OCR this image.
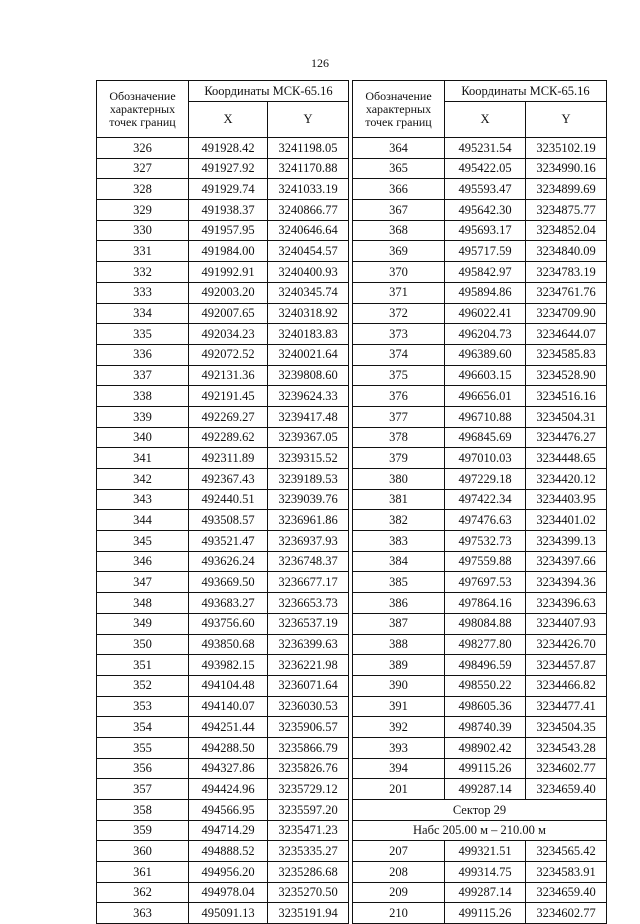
126
Обозначение
характерных
точек границ	Координаты МСК-65.16	
	X	Y
326	491928.42	3241198.05
327	491927.92	3241170.88
328	491929.74	3241033.19
329	491938.37	3240866.77
330	491957.95	3240646.64
331	491984.00	3240454.57
332	491992.91	3240400.93
333	492003.20	3240345.74
334	492007.65	3240318.92
335	492034.23	3240183.83
336	492072.52	3240021.64
337	492131.36	3239808.60
338	492191.45	3239624.33
339	492269.27	3239417.48
340	492289.62	3239367.05
341	492311.89	3239315.52
342	492367.43	3239189.53
343	492440.51	3239039.76
344	493508.57	3236961.86
345	493521.47	3236937.93
346	493626.24	3236748.37
347	493669.50	3236677.17
348	493683.27	3236653.73
349	493756.60	3236537.19
350	493850.68	3236399.63
351	493982.15	3236221.98
352	494104.48	3236071.64
353	494140.07	3236030.53
354	494251.44	3235906.57
355	494288.50	3235866.79
356	494327.86	3235826.76
357	494424.96	3235729.12
358	494566.95	3235597.20
359	494714.29	3235471.23
360	494888.52	3235335.27
361	494956.20	3235286.68
362	494978.04	3235270.50
363	495091.13	3235191.94
Обозначение
характерных
точек границ	Координаты МСК-65.16	
	X	Y
364	495231.54	3235102.19
365	495422.05	3234990.16
366	495593.47	3234899.69
367	495642.30	3234875.77
368	495693.17	3234852.04
369	495717.59	3234840.09
370	495842.97	3234783.19
371	495894.86	3234761.76
372	496022.41	3234709.90
373	496204.73	3234644.07
374	496389.60	3234585.83
375	496603.15	3234528.90
376	496656.01	3234516.16
377	496710.88	3234504.31
378	496845.69	3234476.27
379	497010.03	3234448.65
380	497229.18	3234420.12
381	497422.34	3234403.95
382	497476.63	3234401.02
383	497532.73	3234399.13
384	497559.88	3234397.66
385	497697.53	3234394.36
386	497864.16	3234396.63
387	498084.88	3234407.93
388	498277.80	3234426.70
389	498496.59	3234457.87
390	498550.22	3234466.82
391	498605.36	3234477.41
392	498740.39	3234504.35
393	498902.42	3234543.28
394	499115.26	3234602.77
201	499287.14	3234659.40
Сектор 29		
Набс 205.00 м – 210.00 м		
207	499321.51	3234565.42
208	499314.75	3234583.91
209	499287.14	3234659.40
210	499115.26	3234602.77
